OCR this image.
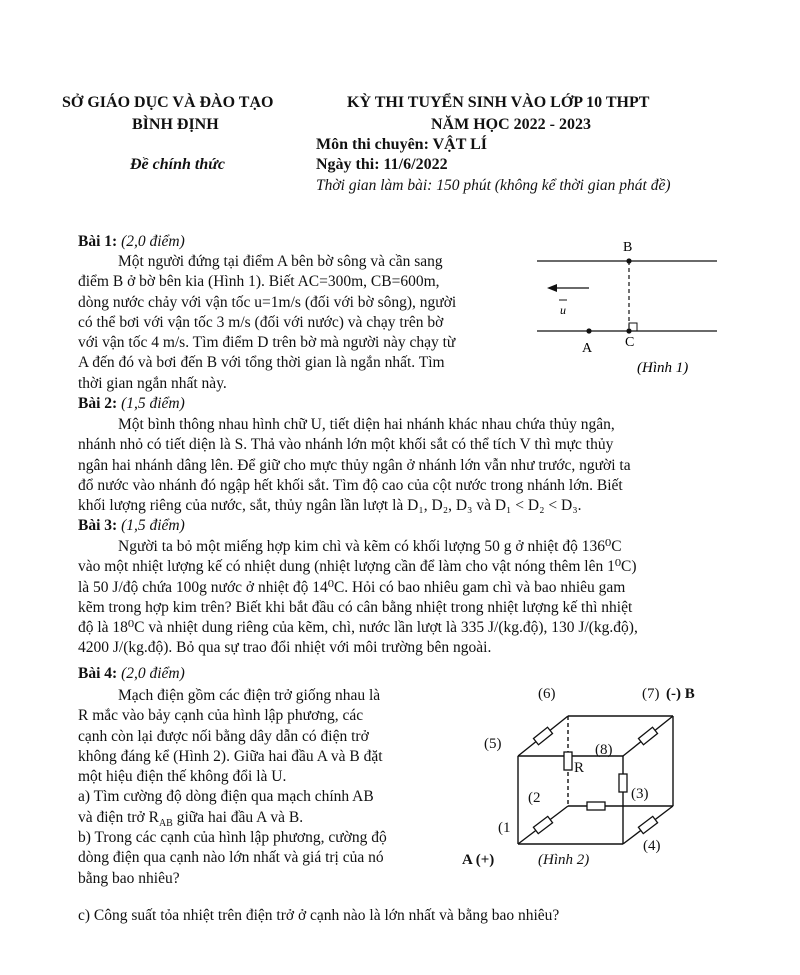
SỞ GIÁO DỤC VÀ ĐÀO TẠO
BÌNH ĐỊNH
Đề chính thức
KỲ THI TUYỂN SINH VÀO LỚP 10 THPT
NĂM HỌC 2022 - 2023
Môn thi chuyên: VẬT LÍ
Ngày thi: 11/6/2022
Thời gian làm bài: 150 phút (không kể thời gian phát đề)
Bài 1: (2,0 điểm)

Một người đứng tại điểm A bên bờ sông và cần sang

điểm B ở bờ bên kia (Hình 1). Biết AC=300m, CB=600m,

dòng nước chảy với vận tốc u=1m/s (đối với bờ sông), người

có thể bơi với vận tốc 3 m/s (đối với nước) và chạy trên bờ

với vận tốc 4 m/s. Tìm điểm D trên bờ mà người này chạy từ

A đến đó và bơi đến B với tổng thời gian là ngắn nhất. Tìm

thời gian ngắn nhất này.

u
B
A C
(Hình 1)
Bài 2: (1,5 điểm)

Một bình thông nhau hình chữ U, tiết diện hai nhánh khác nhau chứa thủy ngân,

nhánh nhỏ có tiết diện là S. Thả vào nhánh lớn một khối sắt có thể tích V thì mực thủy

ngân hai nhánh dâng lên. Để giữ cho mực thủy ngân ở nhánh lớn vẫn như trước, người ta

đổ nước vào nhánh đó ngập hết khối sắt. Tìm độ cao của cột nước trong nhánh lớn. Biết

khối lượng riêng của nước, sắt, thủy ngân lần lượt là D₁, D₂, D₃ và D₁ < D₂ < D₃.

Bài 3: (1,5 điểm)

Người ta bỏ một miếng hợp kim chì và kẽm có khối lượng 50 g ở nhiệt độ 136⁰C

vào một nhiệt lượng kế có nhiệt dung (nhiệt lượng cần để làm cho vật nóng thêm lên 1⁰C)

là 50 J/độ chứa 100g nước ở nhiệt độ 14⁰C. Hỏi có bao nhiêu gam chì và bao nhiêu gam

kẽm trong hợp kim trên? Biết khi bắt đầu có cân bằng nhiệt trong nhiệt lượng kế thì nhiệt

độ là 18⁰C và nhiệt dung riêng của kẽm, chì, nước lần lượt là 335 J/(kg.độ), 130 J/(kg.độ),

4200 J/(kg.độ). Bỏ qua sự trao đổi nhiệt với môi trường bên ngoài.

Bài 4: (2,0 điểm)

Mạch điện gồm các điện trở giống nhau là

R mắc vào bảy cạnh của hình lập phương, các

cạnh còn lại được nối bằng dây dẫn có điện trở

không đáng kể (Hình 2). Giữa hai đầu A và B đặt

một hiệu điện thế không đổi là U.

a) Tìm cường độ dòng điện qua mạch chính AB

và điện trở $R_{AB}$ giữa hai đầu A và B.

b) Trong các cạnh của hình lập phương, cường độ

dòng điện qua cạnh nào lớn nhất và giá trị của nó

bằng bao nhiêu?

c) Công suất tỏa nhiệt trên điện trở ở cạnh nào là lớn nhất và bằng bao nhiêu?
(6)	(7) (-) B
(5)	(8)
R
(2	(3)
(1
(4)
A (+)	(Hình 2)
